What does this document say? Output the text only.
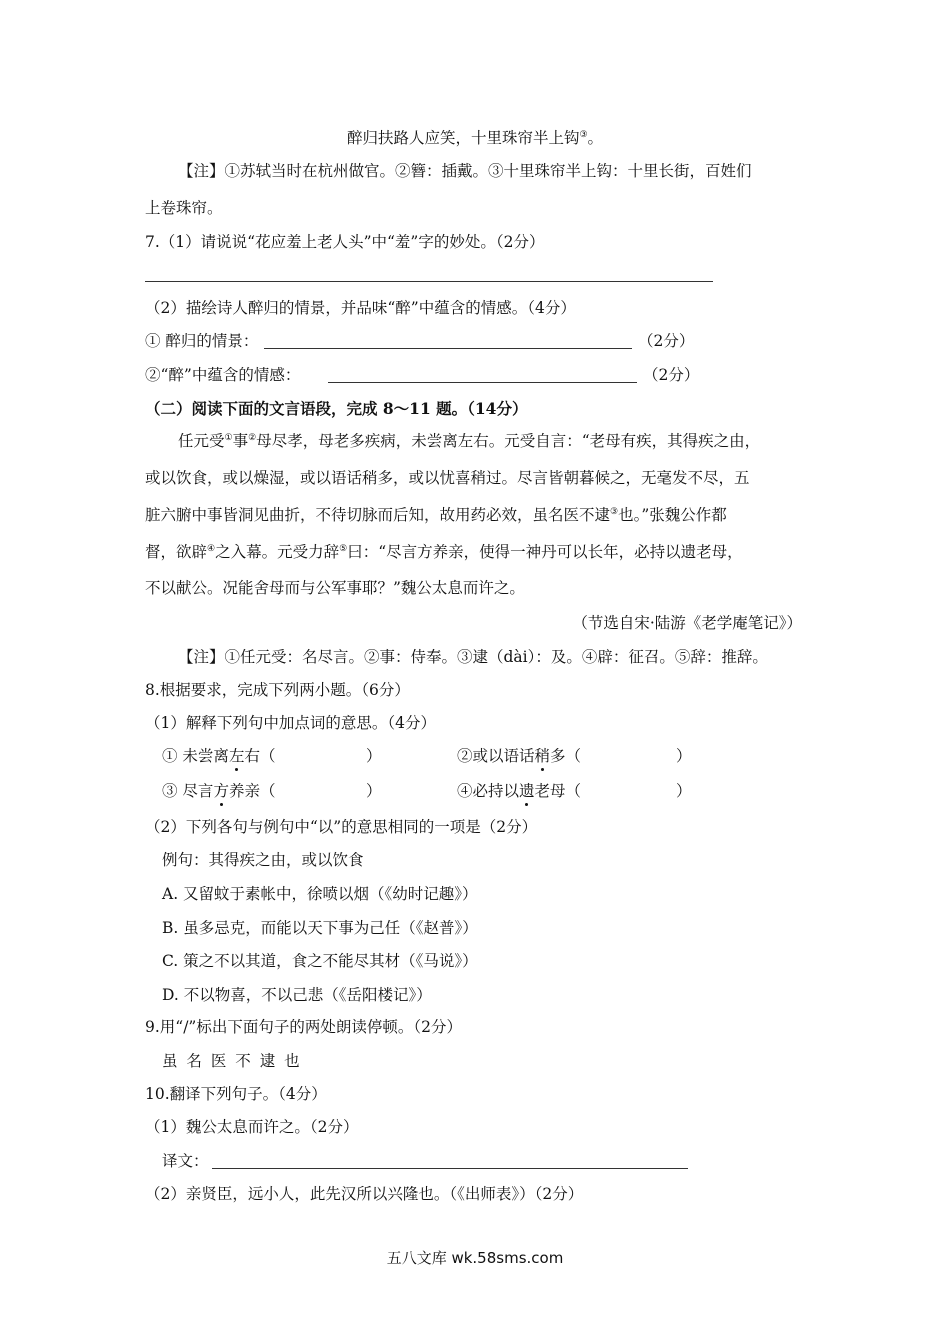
醉归扶路人应笑，十里珠帘半上钩③。
【注】①苏轼当时在杭州做官。②簪：插戴。③十里珠帘半上钩：十里长街，百姓们
上卷珠帘。
7.（1）请说说“花应羞上老人头”中“羞”字的妙处。（2分）
（2）描绘诗人醉归的情景，并品味“醉”中蕴含的情感。（4分）
① 醉归的情景：	（2分）
②“醉”中蕴含的情感：	（2分）
（二）阅读下面的文言语段，完成 8～11 题。（14分）
任元受①事②母尽孝，母老多疾病，未尝离左右。元受自言：“老母有疾，其得疾之由，
或以饮食，或以燥湿，或以语话稍多，或以忧喜稍过。尽言皆朝暮候之，无毫发不尽，五
脏六腑中事皆洞见曲折，不待切脉而后知，故用药必效，虽名医不逮③也。”张魏公作都
督，欲辟④之入幕。元受力辞⑤曰：“尽言方养亲，使得一神丹可以长年，必持以遗老母，
不以献公。况能舍母而与公军事耶？”魏公太息而许之。
（节选自宋·陆游《老学庵笔记》）
【注】①任元受：名尽言。②事：侍奉。③逮（dài）：及。④辟：征召。⑤辞：推辞。
8.根据要求，完成下列两小题。（6分）
（1）解释下列句中加点词的意思。（4分）
① 未尝离左右（	）	②或以语话稍多（	）
③ 尽言方养亲（	）	④必持以遗老母（	）
（2）下列各句与例句中“以”的意思相同的一项是（2分）
例句：其得疾之由，或以饮食
A. 又留蚊于素帐中，徐喷以烟（《幼时记趣》）
B. 虽多忌克，而能以天下事为己任（《赵普》）
C. 策之不以其道，食之不能尽其材（《马说》）
D. 不以物喜，不以己悲（《岳阳楼记》）
9.用“/”标出下面句子的两处朗读停顿。（2分）
虽 名 医 不 逮 也
10.翻译下列句子。（4分）
（1）魏公太息而许之。（2分）
译文：
（2）亲贤臣，远小人，此先汉所以兴隆也。（《出师表》）（2分）
五八文库 wk.58sms.com
